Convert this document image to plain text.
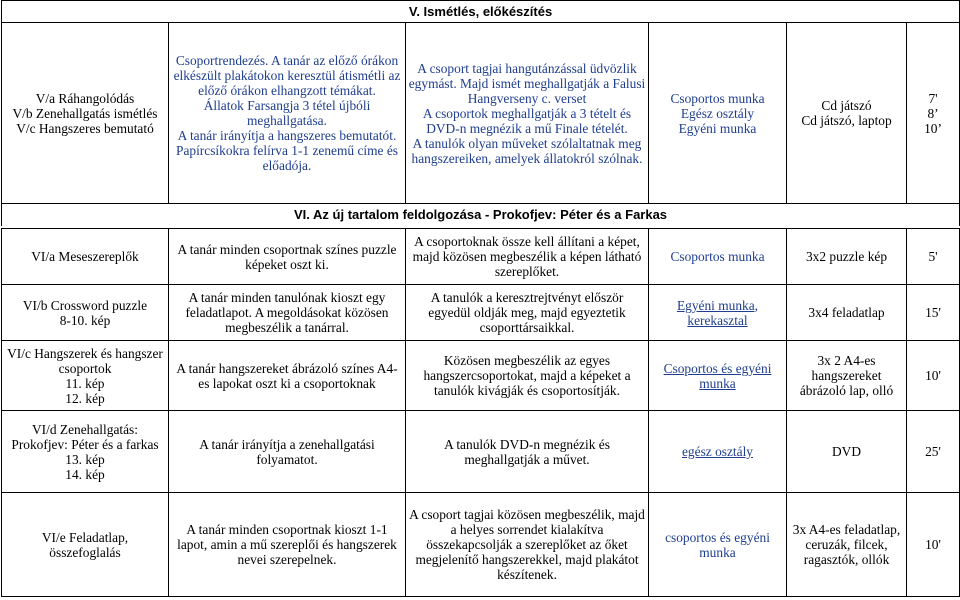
V. Ismétlés, előkészítés

V/a Ráhangolódás
V/b Zenehallgatás ismétlés
V/c Hangszeres bemutató

Csoportrendezés. A tanár az előző órákon elkészült plakátokon keresztül átismétli az előző órákon elhangzott témákat.
Állatok Farsangja 3 tétel újbóli meghallgatása.
A tanár irányítja a hangszeres bemutatót. Papírcsíkokra felírva 1-1 zenemű címe és előadója.

A csoport tagjai hangutánzással üdvözlik egymást. Majd ismét meghallgatják a Falusi Hangverseny c. verset
A csoportok meghallgatják a 3 tételt és DVD-n megnézik a mű Finale tételét.
A tanulók olyan műveket szólaltatnak meg hangszereiken, amelyek állatokról szólnak.

Csoportos munka
Egész osztály
Egyéni munka

Cd játszó
Cd játszó, laptop

7'
8’
10’

VI. Az új tartalom feldolgozása - Prokofjev: Péter és a Farkas
VI/a Meseszereplők	A tanár minden csoportnak színes puzzle képeket oszt ki.	A csoportoknak össze kell állítani a képet, majd közösen megbeszélik a képen látható szereplőket.	Csoportos munka	3x2 puzzle kép	5'

VI/b Crossword puzzle
8-10. kép	A tanár minden tanulónak kioszt egy feladatlapot. A megoldásokat közösen megbeszélik a tanárral.	A tanulók a keresztrejtvényt először egyedül oldják meg, majd egyeztetik csoporttársaikkal.	Egyéni munka, kerekasztal	3x4 feladatlap	15'

VI/c Hangszerek és hangszer csoportok
11. kép
12. kép	A tanár hangszereket ábrázoló színes A4-es lapokat oszt ki a csoportoknak	Közösen megbeszélik az egyes hangszercsoportokat, majd a képeket a tanulók kivágják és csoportosítják.	Csoportos és egyéni munka	3x 2 A4-es hangszereket ábrázoló lap, olló	10'

VI/d Zenehallgatás: Prokofjev: Péter és a farkas
13. kép
14. kép	A tanár irányítja a zenehallgatási folyamatot.	A tanulók DVD-n megnézik és meghallgatják a művet.	egész osztály	DVD	25'

VI/e Feladatlap, összefoglalás	A tanár minden csoportnak kioszt 1-1 lapot, amin a mű szereplői és hangszerek nevei szerepelnek.	A csoport tagjai közösen megbeszélik, majd a helyes sorrendet kialakítva összekapcsolják a szereplőket az őket megjelenítő hangszerekkel, majd plakátot készítenek.	csoportos és egyéni munka	3x A4-es feladatlap, ceruzák, filcek, ragasztók, ollók	10'
